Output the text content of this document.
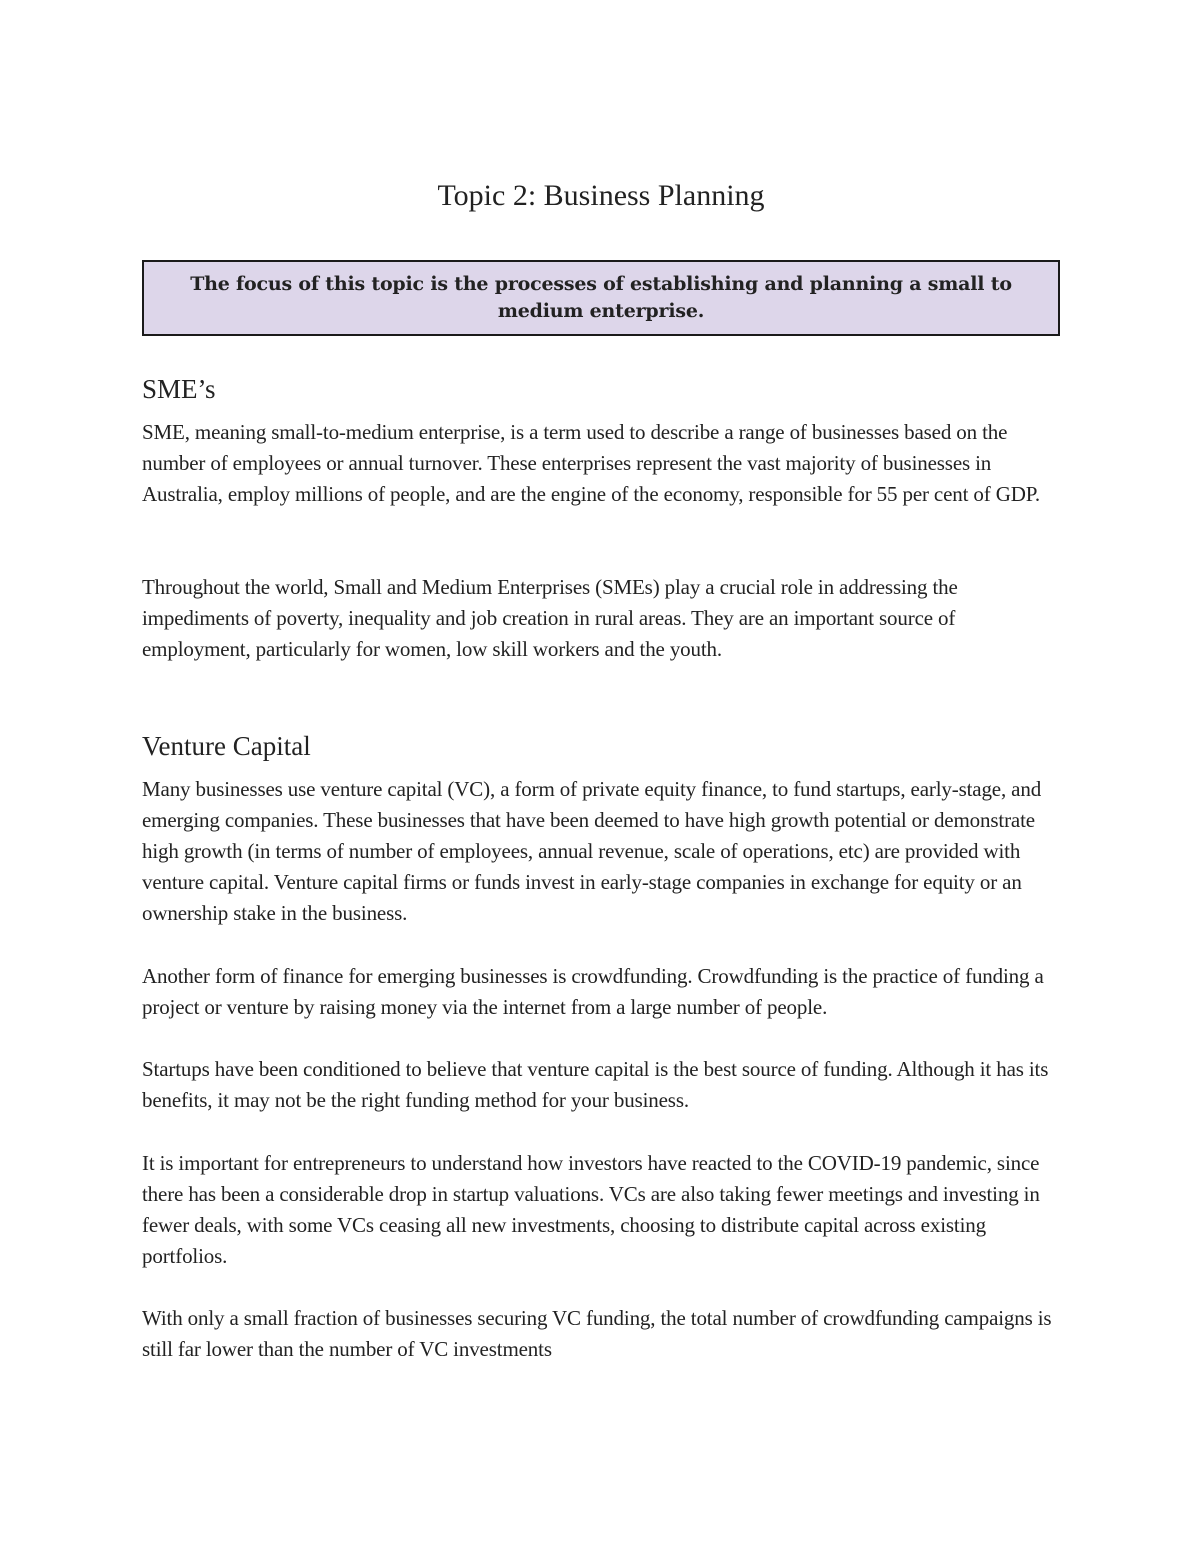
Topic 2: Business Planning

The focus of this topic is the processes of establishing and planning a small to medium enterprise.

SME’s

SME, meaning small-to-medium enterprise, is a term used to describe a range of businesses based on the number of employees or annual turnover. These enterprises represent the vast majority of businesses in Australia, employ millions of people, and are the engine of the economy, responsible for 55 per cent of GDP.

Throughout the world, Small and Medium Enterprises (SMEs) play a crucial role in addressing the impediments of poverty, inequality and job creation in rural areas. They are an important source of employment, particularly for women, low skill workers and the youth.

Venture Capital

Many businesses use venture capital (VC), a form of private equity finance, to fund startups, early-stage, and emerging companies. These businesses that have been deemed to have high growth potential or demonstrate high growth (in terms of number of employees, annual revenue, scale of operations, etc) are provided with venture capital. Venture capital firms or funds invest in early-stage companies in exchange for equity or an ownership stake in the business.

Another form of finance for emerging businesses is crowdfunding. Crowdfunding is the practice of funding a project or venture by raising money via the internet from a large number of people.

Startups have been conditioned to believe that venture capital is the best source of funding. Although it has its benefits, it may not be the right funding method for your business.

It is important for entrepreneurs to understand how investors have reacted to the COVID-19 pandemic, since there has been a considerable drop in startup valuations. VCs are also taking fewer meetings and investing in fewer deals, with some VCs ceasing all new investments, choosing to distribute capital across existing portfolios.

With only a small fraction of businesses securing VC funding, the total number of crowdfunding campaigns is still far lower than the number of VC investments
